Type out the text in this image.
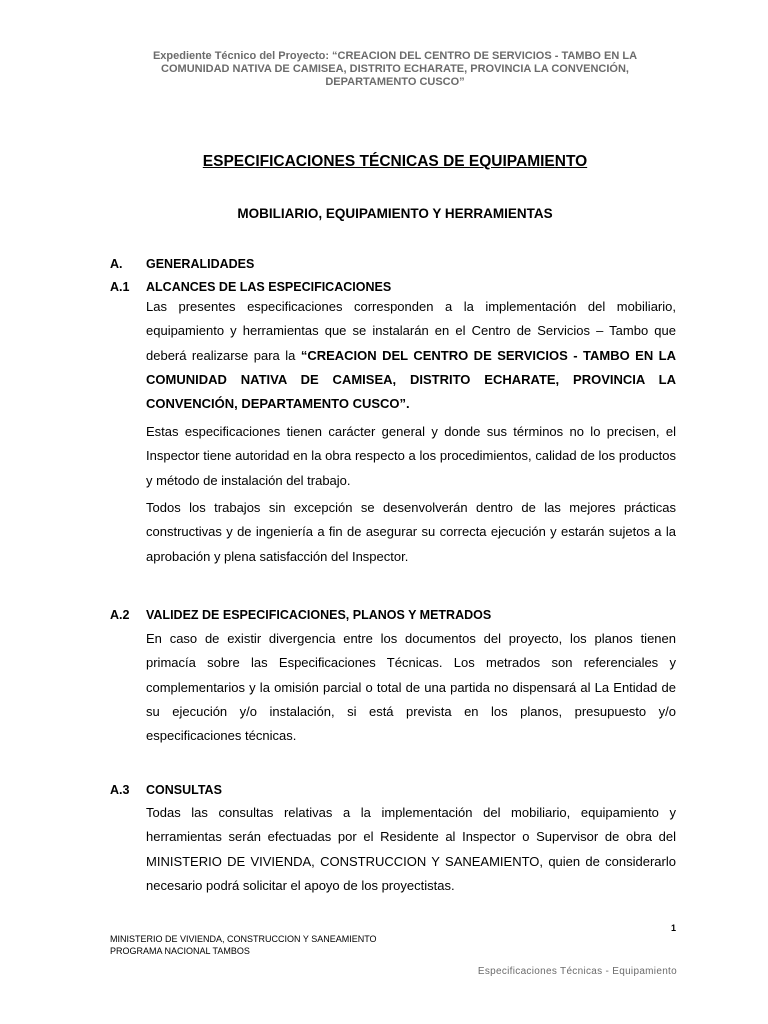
Expediente Técnico del Proyecto: “CREACION DEL CENTRO DE SERVICIOS - TAMBO EN LA
COMUNIDAD NATIVA DE CAMISEA, DISTRITO ECHARATE, PROVINCIA LA CONVENCIÓN,
DEPARTAMENTO CUSCO”
ESPECIFICACIONES TÉCNICAS DE EQUIPAMIENTO
MOBILIARIO, EQUIPAMIENTO Y HERRAMIENTAS
A. GENERALIDADES
A.1 ALCANCES DE LAS ESPECIFICACIONES

Las presentes especificaciones corresponden a la implementación del mobiliario, equipamiento y herramientas que se instalarán en el Centro de Servicios – Tambo que deberá realizarse para la “CREACION DEL CENTRO DE SERVICIOS - TAMBO EN LA COMUNIDAD NATIVA DE CAMISEA, DISTRITO ECHARATE, PROVINCIA LA CONVENCIÓN, DEPARTAMENTO CUSCO”.

Estas especificaciones tienen carácter general y donde sus términos no lo precisen, el Inspector tiene autoridad en la obra respecto a los procedimientos, calidad de los productos y método de instalación del trabajo.

Todos los trabajos sin excepción se desenvolverán dentro de las mejores prácticas constructivas y de ingeniería a fin de asegurar su correcta ejecución y estarán sujetos a la aprobación y plena satisfacción del Inspector.

A.2 VALIDEZ DE ESPECIFICACIONES, PLANOS Y METRADOS

En caso de existir divergencia entre los documentos del proyecto, los planos tienen primacía sobre las Especificaciones Técnicas. Los metrados son referenciales y complementarios y la omisión parcial o total de una partida no dispensará al La Entidad de su ejecución y/o instalación, si está prevista en los planos, presupuesto y/o especificaciones técnicas.

A.3 CONSULTAS

Todas las consultas relativas a la implementación del mobiliario, equipamiento y herramientas serán efectuadas por el Residente al Inspector o Supervisor de obra del MINISTERIO DE VIVIENDA, CONSTRUCCION Y SANEAMIENTO, quien de considerarlo necesario podrá solicitar el apoyo de los proyectistas.

1
MINISTERIO DE VIVIENDA, CONSTRUCCION Y SANEAMIENTO
PROGRAMA NACIONAL TAMBOS
Especificaciones Técnicas - Equipamiento
